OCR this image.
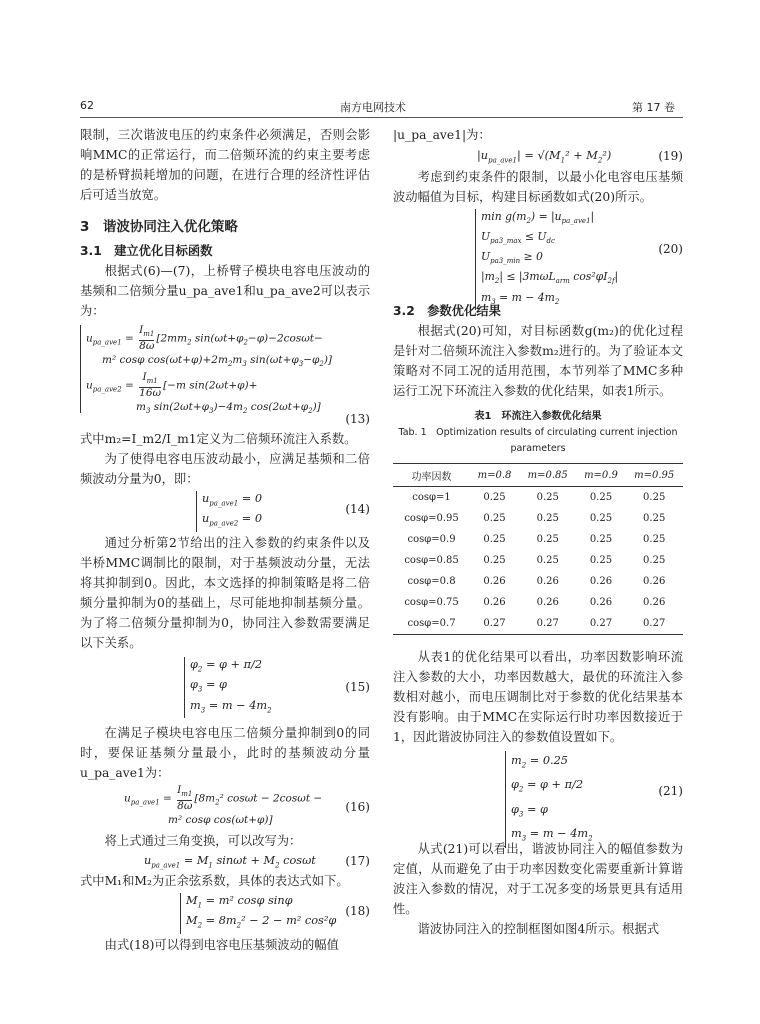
62	南方电网技术	第 17 卷

限制，三次谐波电压的约束条件必须满足，否则会影响MMC的正常运行，而二倍频环流的约束主要考虑的是桥臂损耗增加的问题，在进行合理的经济性评估后可适当放宽。

3　谐波协同注入优化策略
3.1　建立优化目标函数

根据式(6)—(7)，上桥臂子模块电容电压波动的基频和二倍频分量u_pa_ave1和u_pa_ave2可以表示为：

$u_{pa\_ave1} = \frac{I_{m1}}{8\omega} [2mm_2$ $\sin(\omega t+\varphi_2-\varphi)-2\cos\omega t-$
m² cosφ $\cos(\omega t+\varphi)+2m_2m_3$ $\sin(\omega t+\varphi_3-\varphi_2)$]
$u_{pa\_ave2} = \frac{I_{m1}}{16\omega} [-m$ sin(2ωt+φ)+
$m_3$ $\sin(2\omega t+\varphi_3)-4m_2$ $\cos(2\omega t+\varphi_2)$]
(13)

式中m₂=I_m2/I_m1定义为二倍频环流注入系数。

为了使得电容电压波动最小，应满足基频和二倍频波动分量为0，即：

$u_{pa\_ave1} = 0$
$u_{pa\_ave2} = 0$
(14)

通过分析第2节给出的注入参数的约束条件以及半桥MMC调制比的限制，对于基频波动分量，无法将其抑制到0。因此，本文选择的抑制策略是将二倍频分量抑制为0的基础上，尽可能地抑制基频分量。为了将二倍频分量抑制为0，协同注入参数需要满足以下关系。

$\varphi_2 = \varphi + \pi/2$
$\varphi_3 = \varphi$
$m_3 = m - 4m_2$
(15)

在满足子模块电容电压二倍频分量抑制到0的同时，要保证基频分量最小，此时的基频波动分量u_pa_ave1为：

$u_{pa\_ave1} = \frac{I_{m1}}{8\omega} [8m_2^2$ cosωt − 2cosωt −
m² cosφ cos(ωt+φ)]
(16)

将上式通过三角变换，可以改写为：

$u_{pa\_ave1} = M_1$ $\sin\omega t + M_2$ cosωt	(17)

式中M₁和M₂为正余弦系数，具体的表达式如下。

$M_1 = m^2$ cosφ sinφ
$M_2 = 8m_2^2 - 2 - m^2$ cos²φ
(18)

由式(18)可以得到电容电压基频波动的幅值

|u_pa_ave1|为：

$|u_{pa\_ave1}| = √(M_1^2 + M_2^2)$	(19)

考虑到约束条件的限制，以最小化电容电压基频波动幅值为目标，构建目标函数如式(20)所示。

$\min g(m_2) = |u_{pa\_ave1}|$
$U_{pa3\_max} \le U_{dc}$
$U_{pa3\_min} \ge 0$
$|m_2| \le |3m\omega L_{arm}$ $\cos^2\varphi I_{2f}|$
$m_3 = m - 4m_2$
(20)
3.2　参数优化结果

根据式(20)可知，对目标函数g(m₂)的优化过程是针对二倍频环流注入参数m₂进行的。为了验证本文策略对不同工况的适用范围，本节列举了MMC多种运行工况下环流注入参数的优化结果，如表1所示。

表1　环流注入参数优化结果
Tab. 1　Optimization results of circulating current injection parameters
功率因数	m=0.8	m=0.85	m=0.9	m=0.95
cosφ=1	0.25	0.25	0.25	0.25
cosφ=0.95	0.25	0.25	0.25	0.25
cosφ=0.9	0.25	0.25	0.25	0.25
cosφ=0.85	0.25	0.25	0.25	0.25
cosφ=0.8	0.26	0.26	0.26	0.26
cosφ=0.75	0.26	0.26	0.26	0.26
cosφ=0.7	0.27	0.27	0.27	0.27

从表1的优化结果可以看出，功率因数影响环流注入参数的大小，功率因数越大，最优的环流注入参数相对越小，而电压调制比对于参数的优化结果基本没有影响。由于MMC在实际运行时功率因数接近于1，因此谐波协同注入的参数值设置如下。

$m_2 = 0.25$
$\varphi_2 = \varphi + \pi/2$
$\varphi_3 = \varphi$
$m_3 = m - 4m_2$
(21)

从式(21)可以看出，谐波协同注入的幅值参数为定值，从而避免了由于功率因数变化需要重新计算谐波注入参数的情况，对于工况多变的场景更具有适用性。

谐波协同注入的控制框图如图4所示。根据式
